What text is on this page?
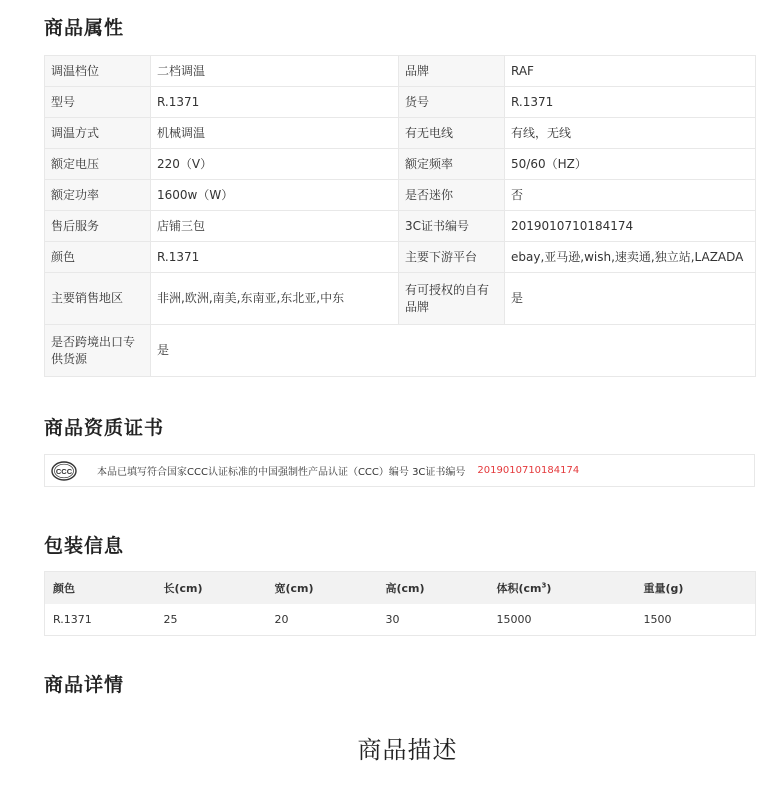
商品属性
调温档位	二档调温	品牌	RAF
型号	R.1371	货号	R.1371
调温方式	机械调温	有无电线	有线，无线
额定电压	220（V）	额定频率	50/60（HZ）
额定功率	1600w（W）	是否迷你	否
售后服务	店铺三包	3C证书编号	2019010710184174
颜色	R.1371	主要下游平台	ebay,亚马逊,wish,速卖通,独立站,LAZADA
主要销售地区	非洲,欧洲,南美,东南亚,东北亚,中东	有可授权的自有品牌	是
是否跨境出口专供货源	是		
商品资质证书
CCC 本品已填写符合国家CCC认证标准的中国强制性产品认证（CCC）编号 3C证书编号 2019010710184174
包装信息
颜色	长(cm)	宽(cm)	高(cm)	体积$(cm^3)$	重量(g)
R.1371	25	20	30	15000	1500
商品详情
商品描述
